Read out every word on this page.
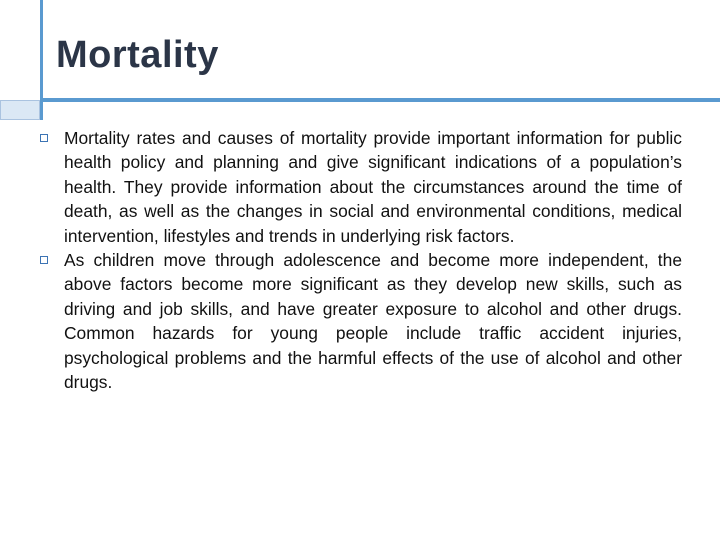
Mortality
Mortality rates and causes of mortality provide important information for public health policy and planning and give significant indications of a population’s health. They provide information about the circumstances around the time of death, as well as the changes in social and environmental conditions, medical intervention, lifestyles and trends in underlying risk factors.
As children move through adolescence and become more independent, the above factors become more significant as they develop new skills, such as driving and job skills, and have greater exposure to alcohol and other drugs. Common hazards for young people include traffic accident injuries, psychological problems and the harmful effects of the use of alcohol and other drugs.
